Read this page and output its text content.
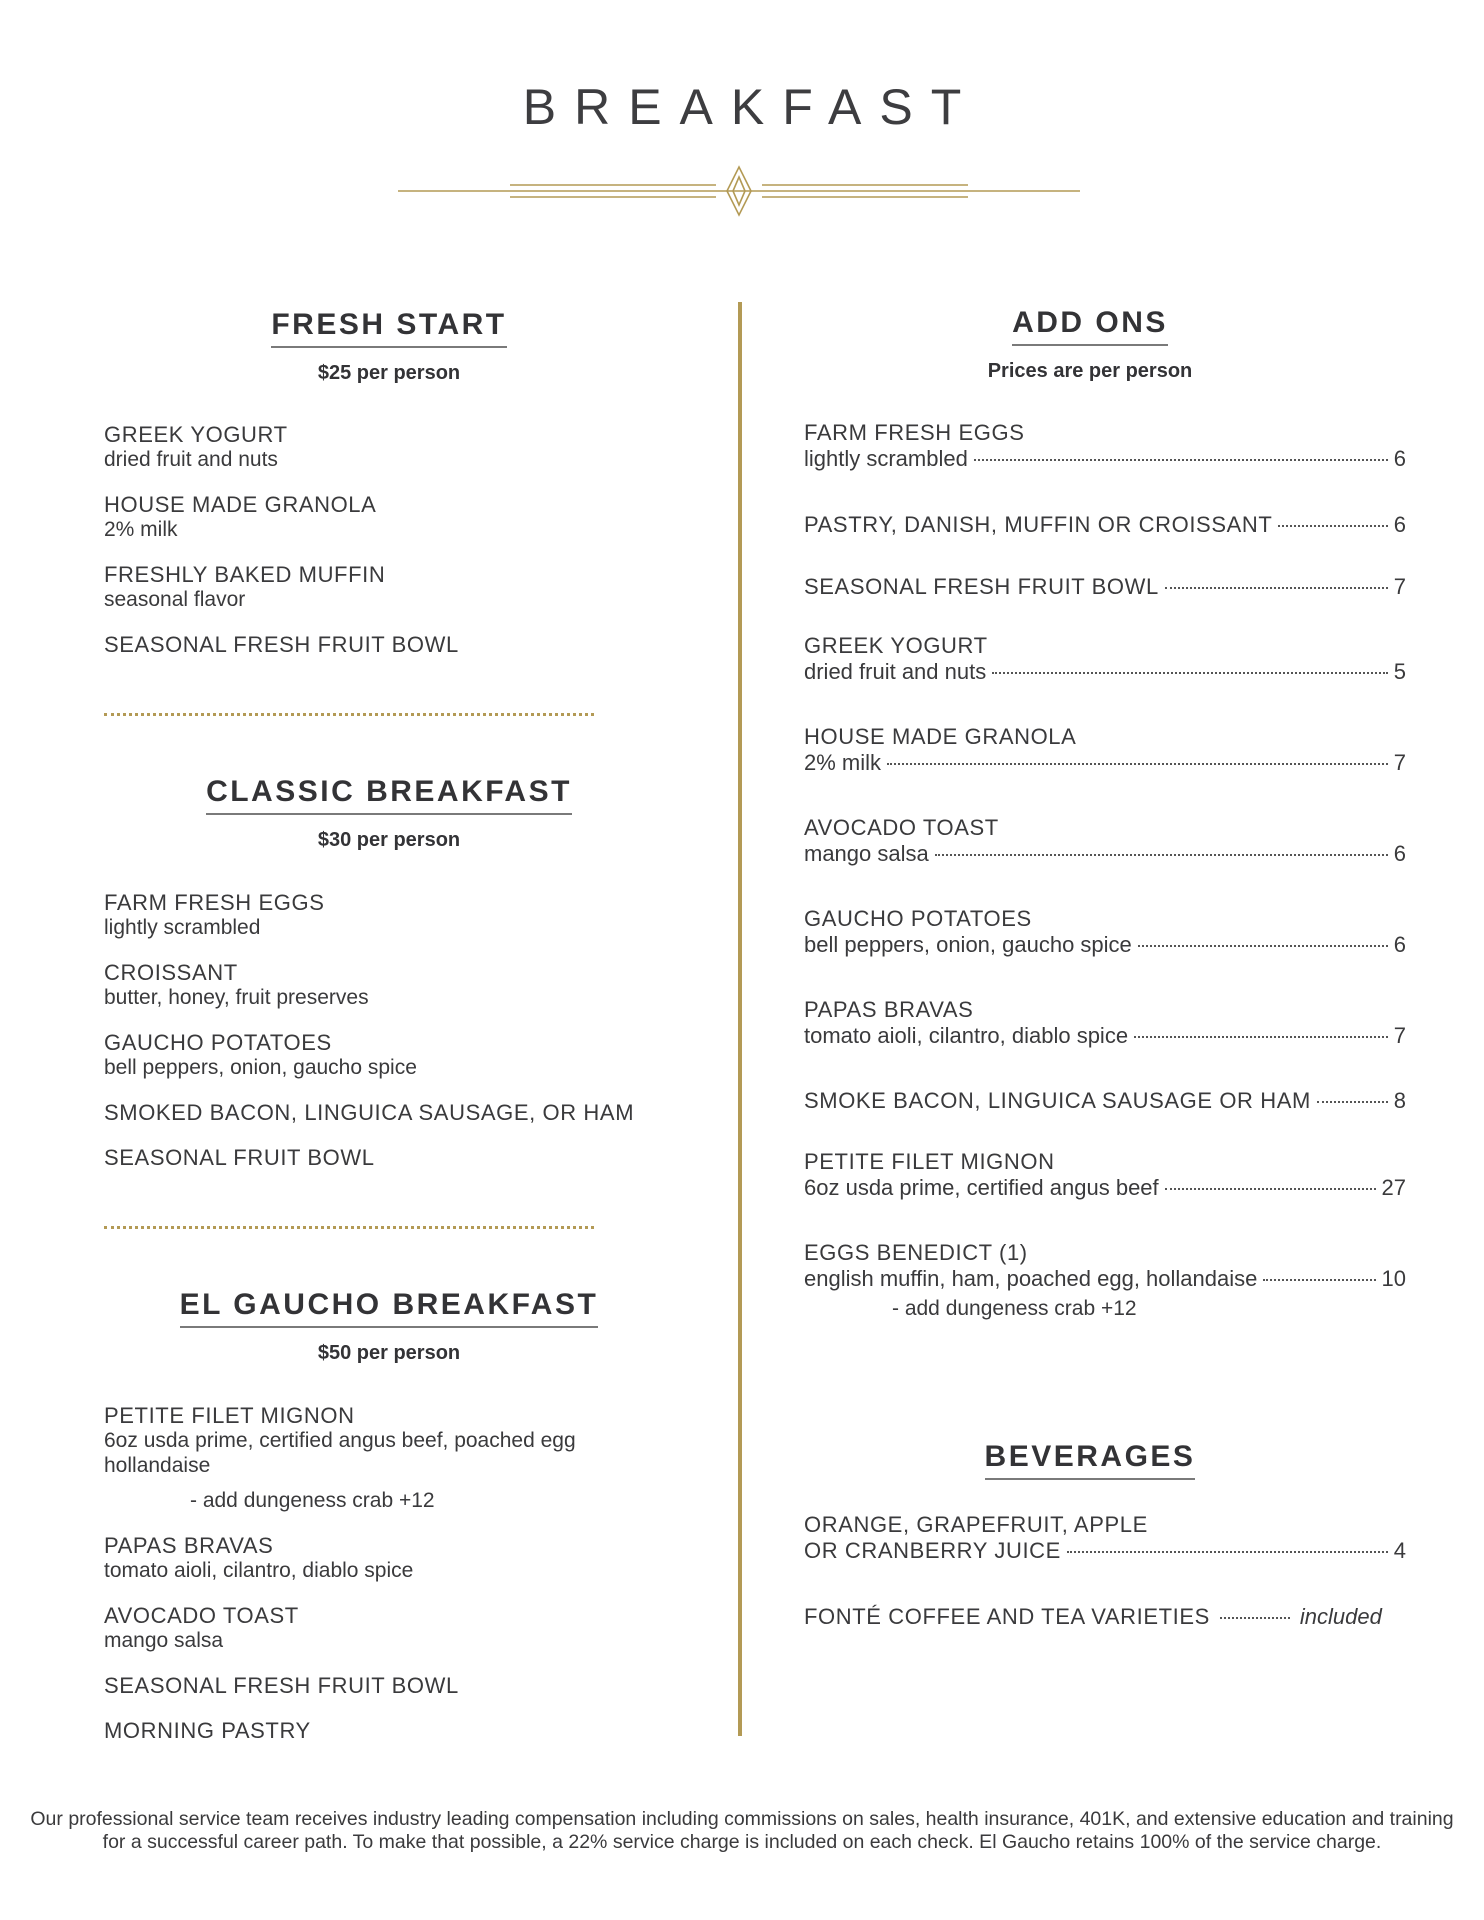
BREAKFAST
FRESH START
$25 per person
GREEK YOGURT
dried fruit and nuts
HOUSE MADE GRANOLA
2% milk
FRESHLY BAKED MUFFIN
seasonal flavor
SEASONAL FRESH FRUIT BOWL
CLASSIC BREAKFAST
$30 per person
FARM FRESH EGGS
lightly scrambled
CROISSANT
butter, honey, fruit preserves
GAUCHO POTATOES
bell peppers, onion, gaucho spice
SMOKED BACON, LINGUICA SAUSAGE, OR HAM
SEASONAL FRUIT BOWL
EL GAUCHO BREAKFAST
$50 per person
PETITE FILET MIGNON
6oz usda prime, certified angus beef, poached egg hollandaise
- add dungeness crab +12
PAPAS BRAVAS
tomato aioli, cilantro, diablo spice
AVOCADO TOAST
mango salsa
SEASONAL FRESH FRUIT BOWL
MORNING PASTRY
ADD ONS
Prices are per person
FARM FRESH EGGS
lightly scrambled	6
PASTRY, DANISH, MUFFIN OR CROISSANT	6
SEASONAL FRESH FRUIT BOWL	7
GREEK YOGURT
dried fruit and nuts	5
HOUSE MADE GRANOLA
2% milk	7
AVOCADO TOAST
mango salsa	6
GAUCHO POTATOES
bell peppers, onion, gaucho spice	6
PAPAS BRAVAS
tomato aioli, cilantro, diablo spice	7
SMOKE BACON, LINGUICA SAUSAGE OR HAM	8
PETITE FILET MIGNON
6oz usda prime, certified angus beef	27
EGGS BENEDICT (1)
english muffin, ham, poached egg, hollandaise	10
- add dungeness crab +12
BEVERAGES
ORANGE, GRAPEFRUIT, APPLE
OR CRANBERRY JUICE	4
FONTÉ COFFEE AND TEA VARIETIES	included
Our professional service team receives industry leading compensation including commissions on sales, health insurance, 401K, and extensive education and training for a successful career path. To make that possible, a 22% service charge is included on each check. El Gaucho retains 100% of the service charge.
